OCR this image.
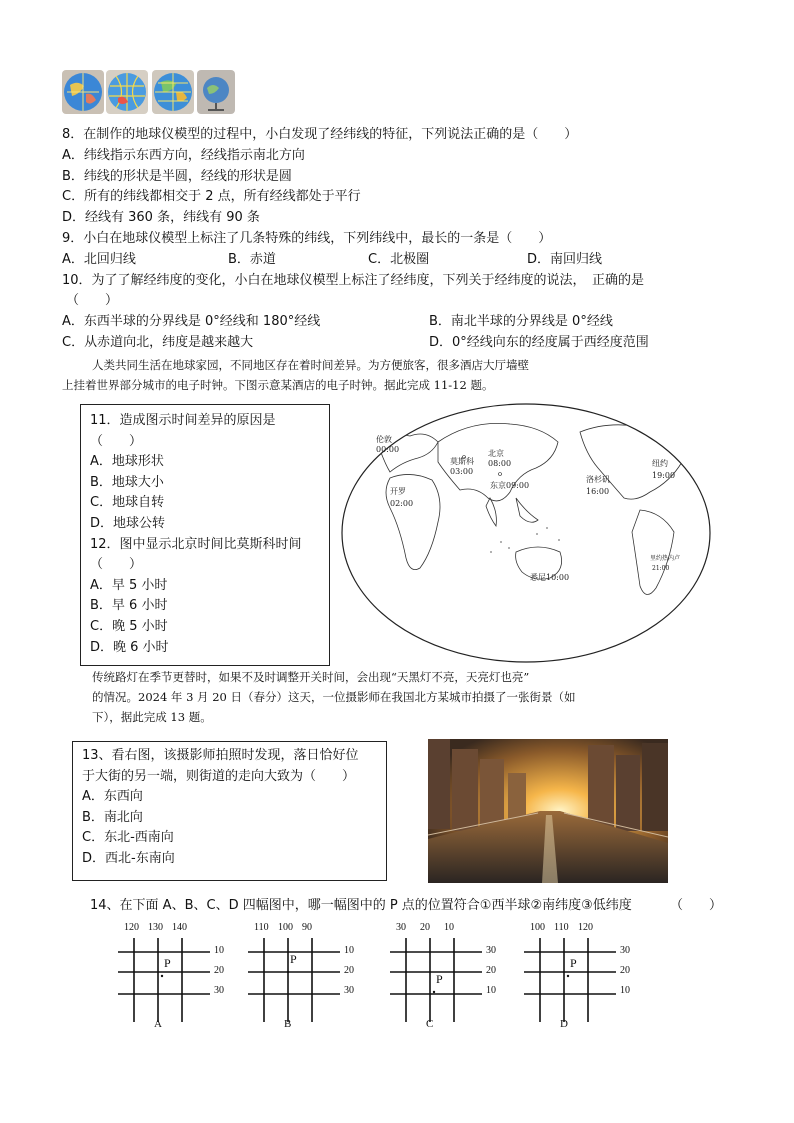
8．在制作的地球仪模型的过程中，小白发现了经纬线的特征，下列说法正确的是（　　）
A．纬线指示东西方向，经线指示南北方向
B．纬线的形状是半圆，经线的形状是圆
C．所有的纬线都相交于 2 点，所有经线都处于平行
D．经线有 360 条，纬线有 90 条
9．小白在地球仪模型上标注了几条特殊的纬线，下列纬线中，最长的一条是（　　）
A．北回归线	B．赤道	C．北极圈	D．南回归线
10．为了了解经纬度的变化，小白在地球仪模型上标注了经纬度，下列关于经纬度的说法，　正确的是
（　　）
A．东西半球的分界线是 0°经线和 180°经线	B．南北半球的分界线是 0°经线
C．从赤道向北，纬度是越来越大	D．0°经线向东的经度属于西经度范围
人类共同生活在地球家园，不同地区存在着时间差异。为方便旅客，很多酒店大厅墙壁
上挂着世界部分城市的电子时钟。下图示意某酒店的电子时钟。据此完成 11-12 题。
11．造成图示时间差异的原因是
（　　）
A．地球形状
B．地球大小
C．地球自转
D．地球公转
12．图中显示北京时间比莫斯科时间
（　　）
A．早 5 小时
B．早 6 小时
C．晚 5 小时
D．晚 6 小时
伦敦
00:00
莫斯科
03:00
北京
08:00
东京 09:00
开罗
02:00
洛杉矶
16:00
纽约
19:00
里约热内卢
21:00
悉尼 10:00
传统路灯在季节更替时，如果不及时调整开关时间，会出现“天黑灯不亮，天亮灯也亮”
的情况。2024 年 3 月 20 日（春分）这天，一位摄影师在我国北方某城市拍摄了一张街景（如
下），据此完成 13 题。
13、看右图，该摄影师拍照时发现，落日恰好位
于大街的另一端，则街道的走向大致为（　　）
A．东西向
B．南北向
C．东北-西南向
D．西北-东南向
14、在下面 A、B、C、D 四幅图中，哪一幅图中的 P 点的位置符合①西半球②南纬度③低纬度	（　　）
120 130 140
10
20
30
P
A
110 100 90
10
20
30
P
B
30 20 10
30
20
10
P
C
100 110 120
30
20
10
P
D
